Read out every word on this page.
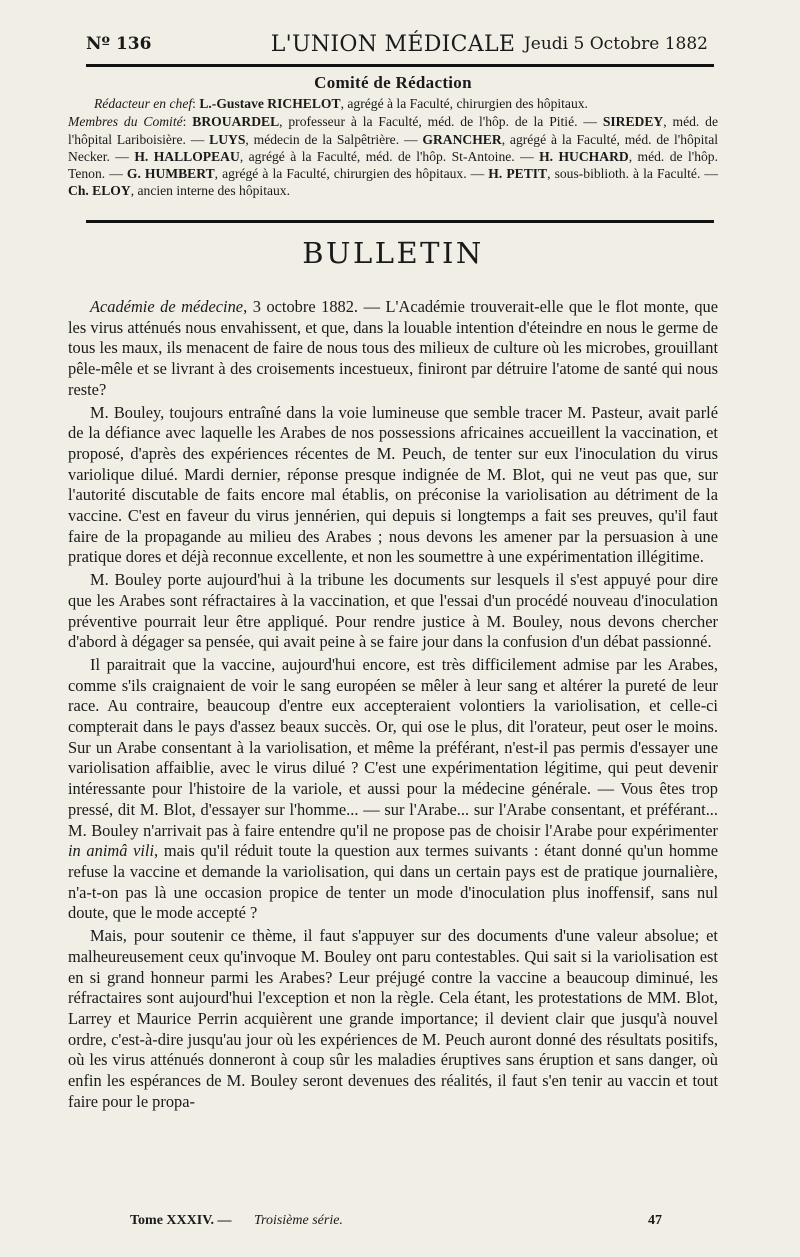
Nº 136	L'UNION MÉDICALE Jeudi 5 Octobre 1882
Comité de Rédaction

Rédacteur en chef: L.-Gustave RICHELOT, agrégé à la Faculté, chirurgien des hôpitaux.

Membres du Comité: BROUARDEL, professeur à la Faculté, méd. de l'hôp. de la Pitié. — SIREDEY, méd. de l'hôpital Lariboisière. — LUYS, médecin de la Salpêtrière. — GRANCHER, agrégé à la Faculté, méd. de l'hôpital Necker. — H. HALLOPEAU, agrégé à la Faculté, méd. de l'hôp. St-Antoine. — H. HUCHARD, méd. de l'hôp. Tenon. — G. HUMBERT, agrégé à la Faculté, chirurgien des hôpitaux. — H. PETIT, sous-biblioth. à la Faculté. — Ch. ELOY, ancien interne des hôpitaux.

BULLETIN

Académie de médecine, 3 octobre 1882. — L'Académie trouverait-elle que le flot monte, que les virus atténués nous envahissent, et que, dans la louable intention d'éteindre en nous le germe de tous les maux, ils menacent de faire de nous tous des milieux de culture où les microbes, grouillant pêle-mêle et se livrant à des croisements incestueux, finiront par détruire l'atome de santé qui nous reste?

M. Bouley, toujours entraîné dans la voie lumineuse que semble tracer M. Pasteur, avait parlé de la défiance avec laquelle les Arabes de nos possessions africaines accueillent la vaccination, et proposé, d'après des expériences récentes de M. Peuch, de tenter sur eux l'inoculation du virus variolique dilué. Mardi dernier, réponse presque indignée de M. Blot, qui ne veut pas que, sur l'autorité discutable de faits encore mal établis, on préconise la variolisation au détriment de la vaccine. C'est en faveur du virus jennérien, qui depuis si longtemps a fait ses preuves, qu'il faut faire de la propagande au milieu des Arabes ; nous devons les amener par la persuasion à une pratique dores et déjà reconnue excellente, et non les soumettre à une expérimentation illégitime.

M. Bouley porte aujourd'hui à la tribune les documents sur lesquels il s'est appuyé pour dire que les Arabes sont réfractaires à la vaccination, et que l'essai d'un procédé nouveau d'inoculation préventive pourrait leur être appliqué. Pour rendre justice à M. Bouley, nous devons chercher d'abord à dégager sa pensée, qui avait peine à se faire jour dans la confusion d'un débat passionné.

Il paraitrait que la vaccine, aujourd'hui encore, est très difficilement admise par les Arabes, comme s'ils craignaient de voir le sang européen se mêler à leur sang et altérer la pureté de leur race. Au contraire, beaucoup d'entre eux accepteraient volontiers la variolisation, et celle-ci compterait dans le pays d'assez beaux succès. Or, qui ose le plus, dit l'orateur, peut oser le moins. Sur un Arabe consentant à la variolisation, et même la préférant, n'est-il pas permis d'essayer une variolisation affaiblie, avec le virus dilué ? C'est une expérimentation légitime, qui peut devenir intéressante pour l'histoire de la variole, et aussi pour la médecine générale. — Vous êtes trop pressé, dit M. Blot, d'essayer sur l'homme... — sur l'Arabe... sur l'Arabe consentant, et préférant... M. Bouley n'arrivait pas à faire entendre qu'il ne propose pas de choisir l'Arabe pour expérimenter in animâ vili, mais qu'il réduit toute la question aux termes suivants : étant donné qu'un homme refuse la vaccine et demande la variolisation, qui dans un certain pays est de pratique journalière, n'a-t-on pas là une occasion propice de tenter un mode d'inoculation plus inoffensif, sans nul doute, que le mode accepté ?

Mais, pour soutenir ce thème, il faut s'appuyer sur des documents d'une valeur absolue; et malheureusement ceux qu'invoque M. Bouley ont paru contestables. Qui sait si la variolisation est en si grand honneur parmi les Arabes? Leur préjugé contre la vaccine a beaucoup diminué, les réfractaires sont aujourd'hui l'exception et non la règle. Cela étant, les protestations de MM. Blot, Larrey et Maurice Perrin acquièrent une grande importance; il devient clair que jusqu'à nouvel ordre, c'est-à-dire jusqu'au jour où les expériences de M. Peuch auront donné des résultats positifs, où les virus atténués donneront à coup sûr les maladies éruptives sans éruption et sans danger, où enfin les espérances de M. Bouley seront devenues des réalités, il faut s'en tenir au vaccin et tout faire pour le propa-

Tome XXXIV. — Troisième série.	47
